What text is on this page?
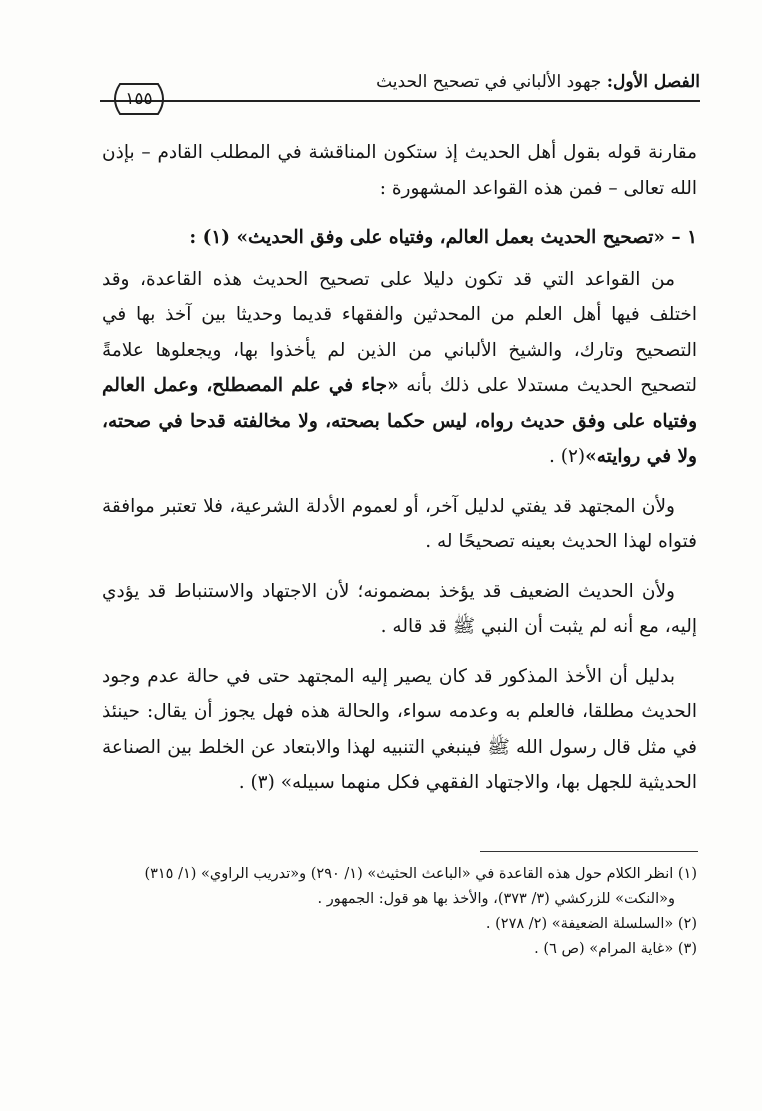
الفصل الأول: جهود الألباني في تصحيح الحديث
١٥٥

مقارنة قوله بقول أهل الحديث إذ ستكون المناقشة في المطلب القادم – بإذن الله تعالى – فمن هذه القواعد المشهورة :

١ – «تصحيح الحديث بعمل العالم، وفتياه على وفق الحديث» (١) :

من القواعد التي قد تكون دليلا على تصحيح الحديث هذه القاعدة، وقد اختلف فيها أهل العلم من المحدثين والفقهاء قديما وحديثا بين آخذ بها في التصحيح وتارك، والشيخ الألباني من الذين لم يأخذوا بها، ويجعلوها علامةً لتصحيح الحديث مستدلا على ذلك بأنه «جاء في علم المصطلح، وعمل العالم وفتياه على وفق حديث رواه، ليس حكما بصحته، ولا مخالفته قدحا في صحته، ولا في روايته»(٢) .

ولأن المجتهد قد يفتي لدليل آخر، أو لعموم الأدلة الشرعية، فلا تعتبر موافقة فتواه لهذا الحديث بعينه تصحيحًا له .

ولأن الحديث الضعيف قد يؤخذ بمضمونه؛ لأن الاجتهاد والاستنباط قد يؤدي إليه، مع أنه لم يثبت أن النبي ﷺ قد قاله .

بدليل أن الأخذ المذكور قد كان يصير إليه المجتهد حتى في حالة عدم وجود الحديث مطلقا، فالعلم به وعدمه سواء، والحالة هذه فهل يجوز أن يقال: حينئذ في مثل قال رسول الله ﷺ فينبغي التنبيه لهذا والابتعاد عن الخلط بين الصناعة الحديثية للجهل بها، والاجتهاد الفقهي فكل منهما سبيله» (٣) .

(١) انظر الكلام حول هذه القاعدة في «الباعث الحثيث» (١/ ٢٩٠) و«تدريب الراوي» (١/ ٣١٥)
و«النكت» للزركشي (٣/ ٣٧٣)، والأخذ بها هو قول: الجمهور .
(٢) «السلسلة الضعيفة» (٢/ ٢٧٨) .
(٣) «غاية المرام» (ص ٦) .
